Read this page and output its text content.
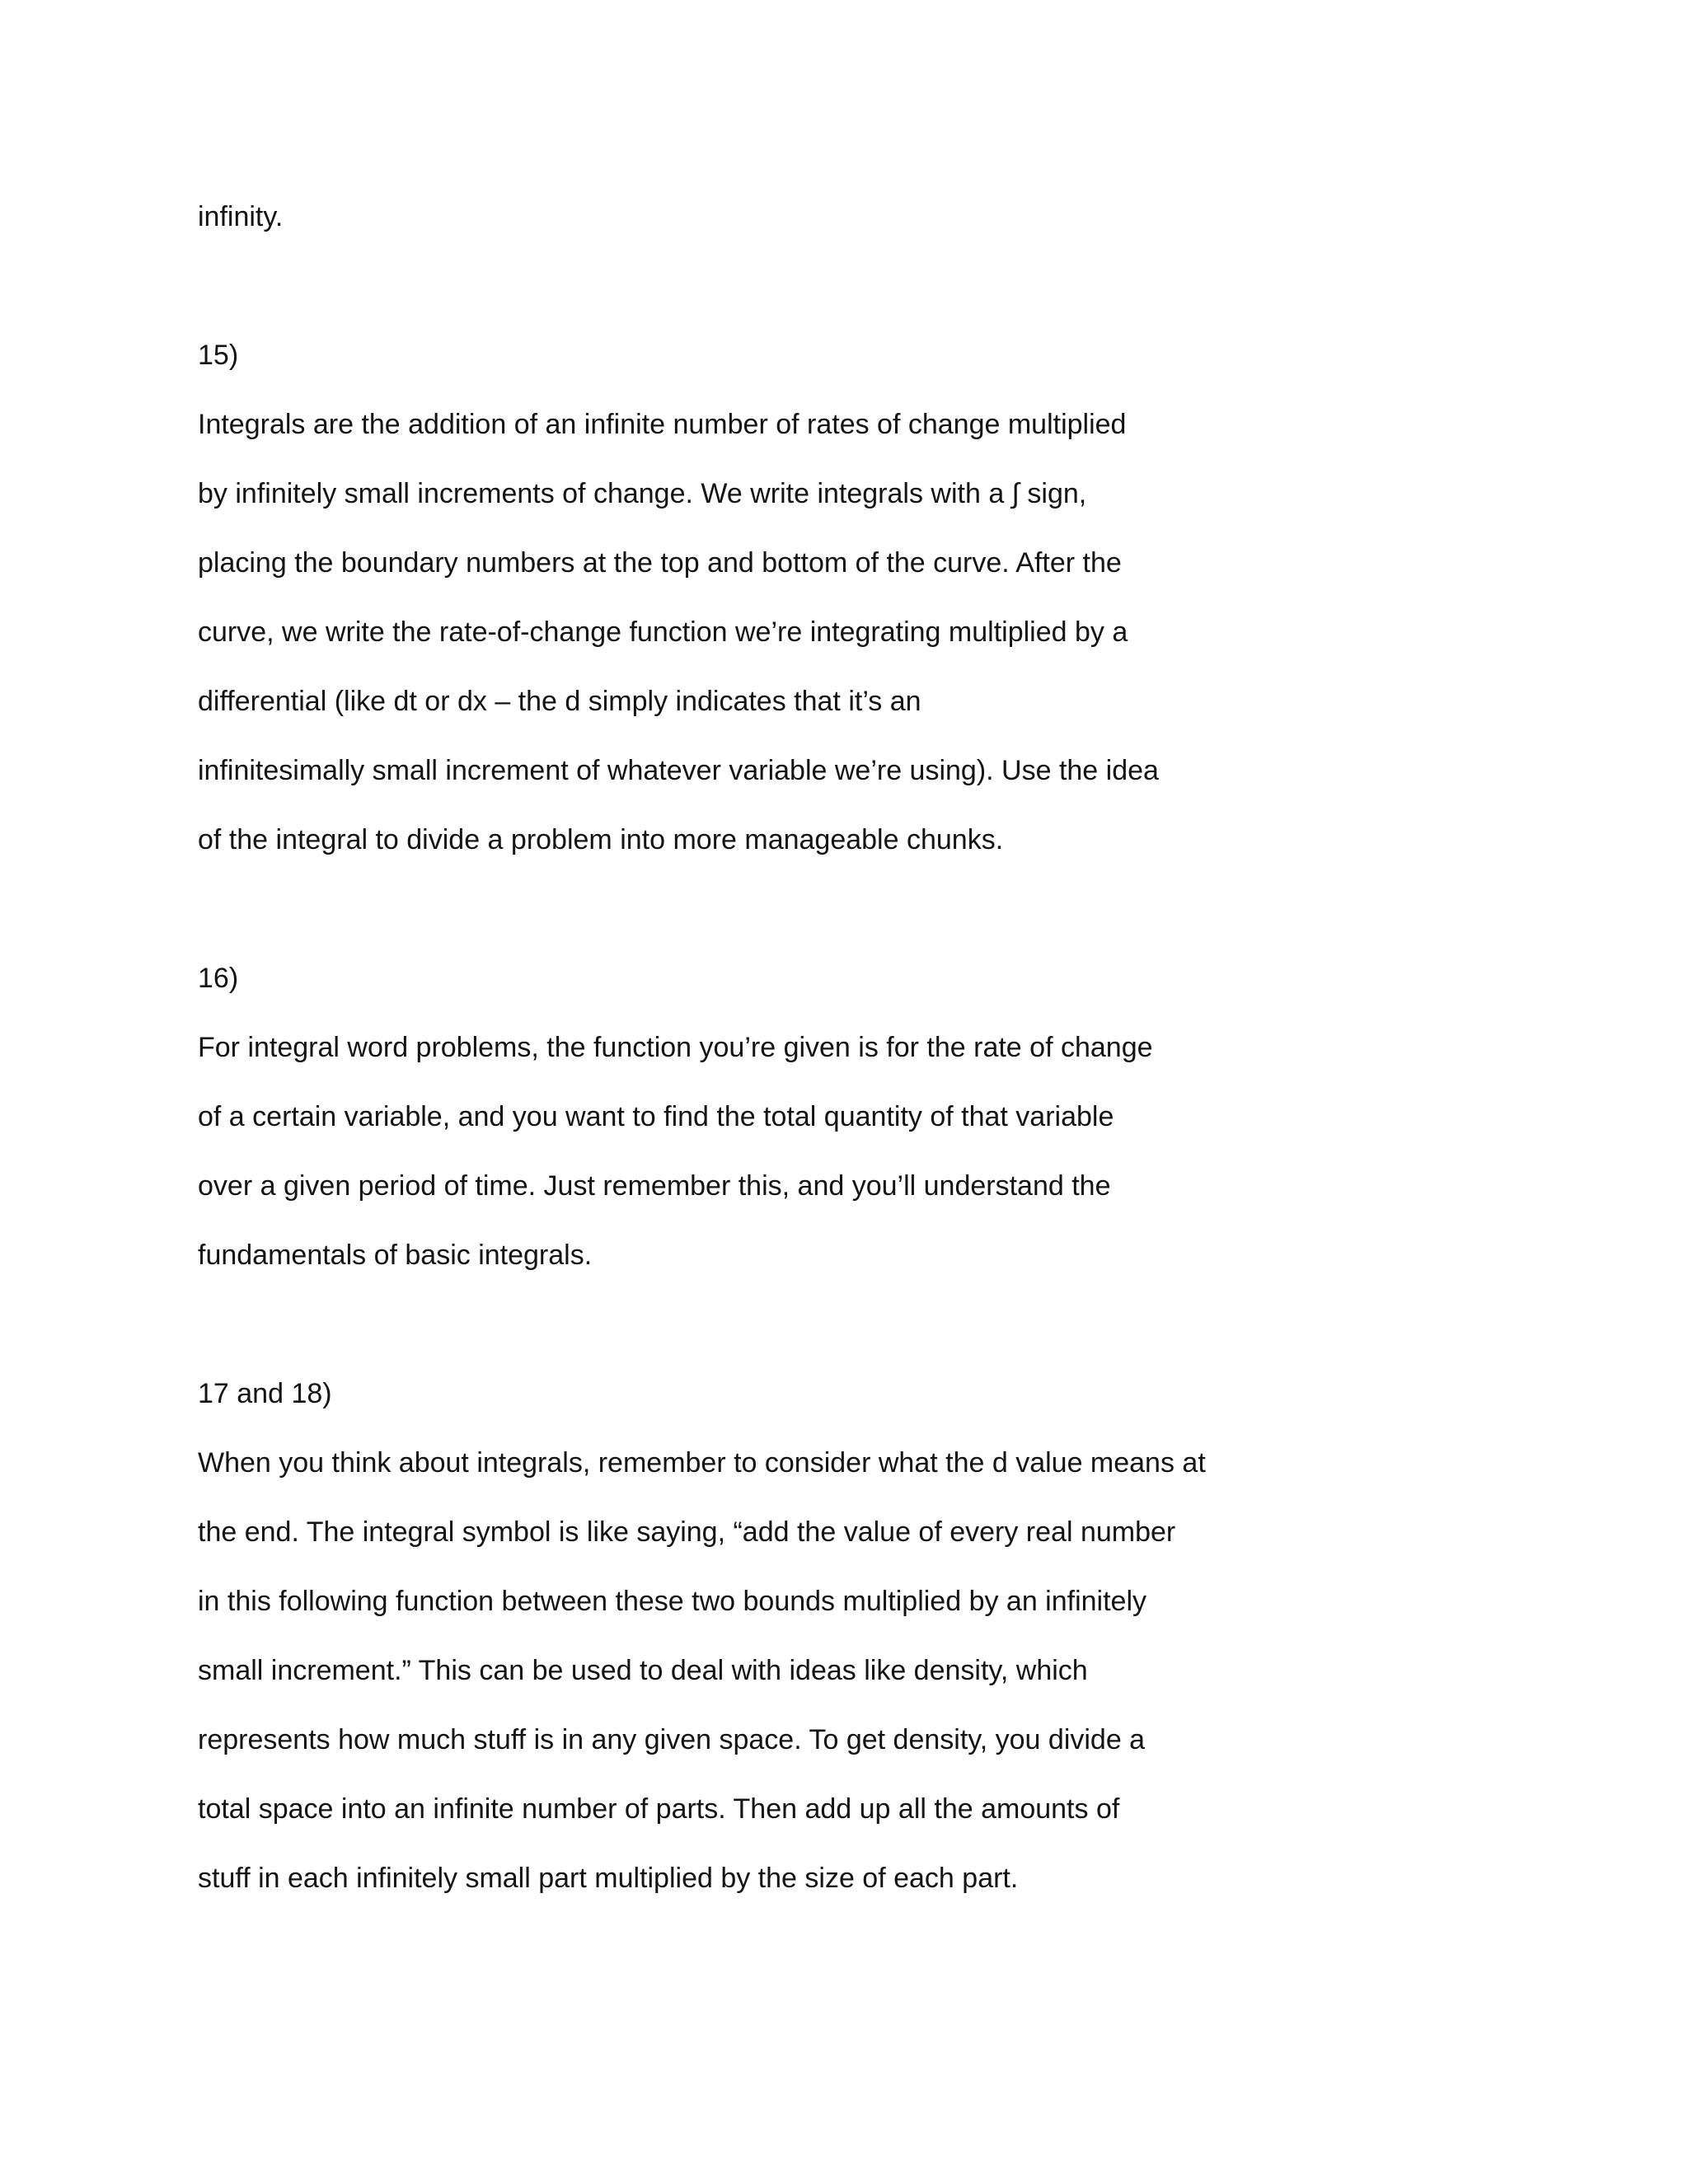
infinity.

15)

Integrals are the addition of an infinite number of rates of change multiplied

by infinitely small increments of change. We write integrals with a ∫ sign,

placing the boundary numbers at the top and bottom of the curve. After the

curve, we write the rate-of-change function we’re integrating multiplied by a

differential (like dt or dx – the d simply indicates that it’s an

infinitesimally small increment of whatever variable we’re using). Use the idea

of the integral to divide a problem into more manageable chunks.

16)

For integral word problems, the function you’re given is for the rate of change

of a certain variable, and you want to find the total quantity of that variable

over a given period of time. Just remember this, and you’ll understand the

fundamentals of basic integrals.

17 and 18)

When you think about integrals, remember to consider what the d value means at

the end. The integral symbol is like saying, “add the value of every real number

in this following function between these two bounds multiplied by an infinitely

small increment.” This can be used to deal with ideas like density, which

represents how much stuff is in any given space. To get density, you divide a

total space into an infinite number of parts. Then add up all the amounts of

stuff in each infinitely small part multiplied by the size of each part.
